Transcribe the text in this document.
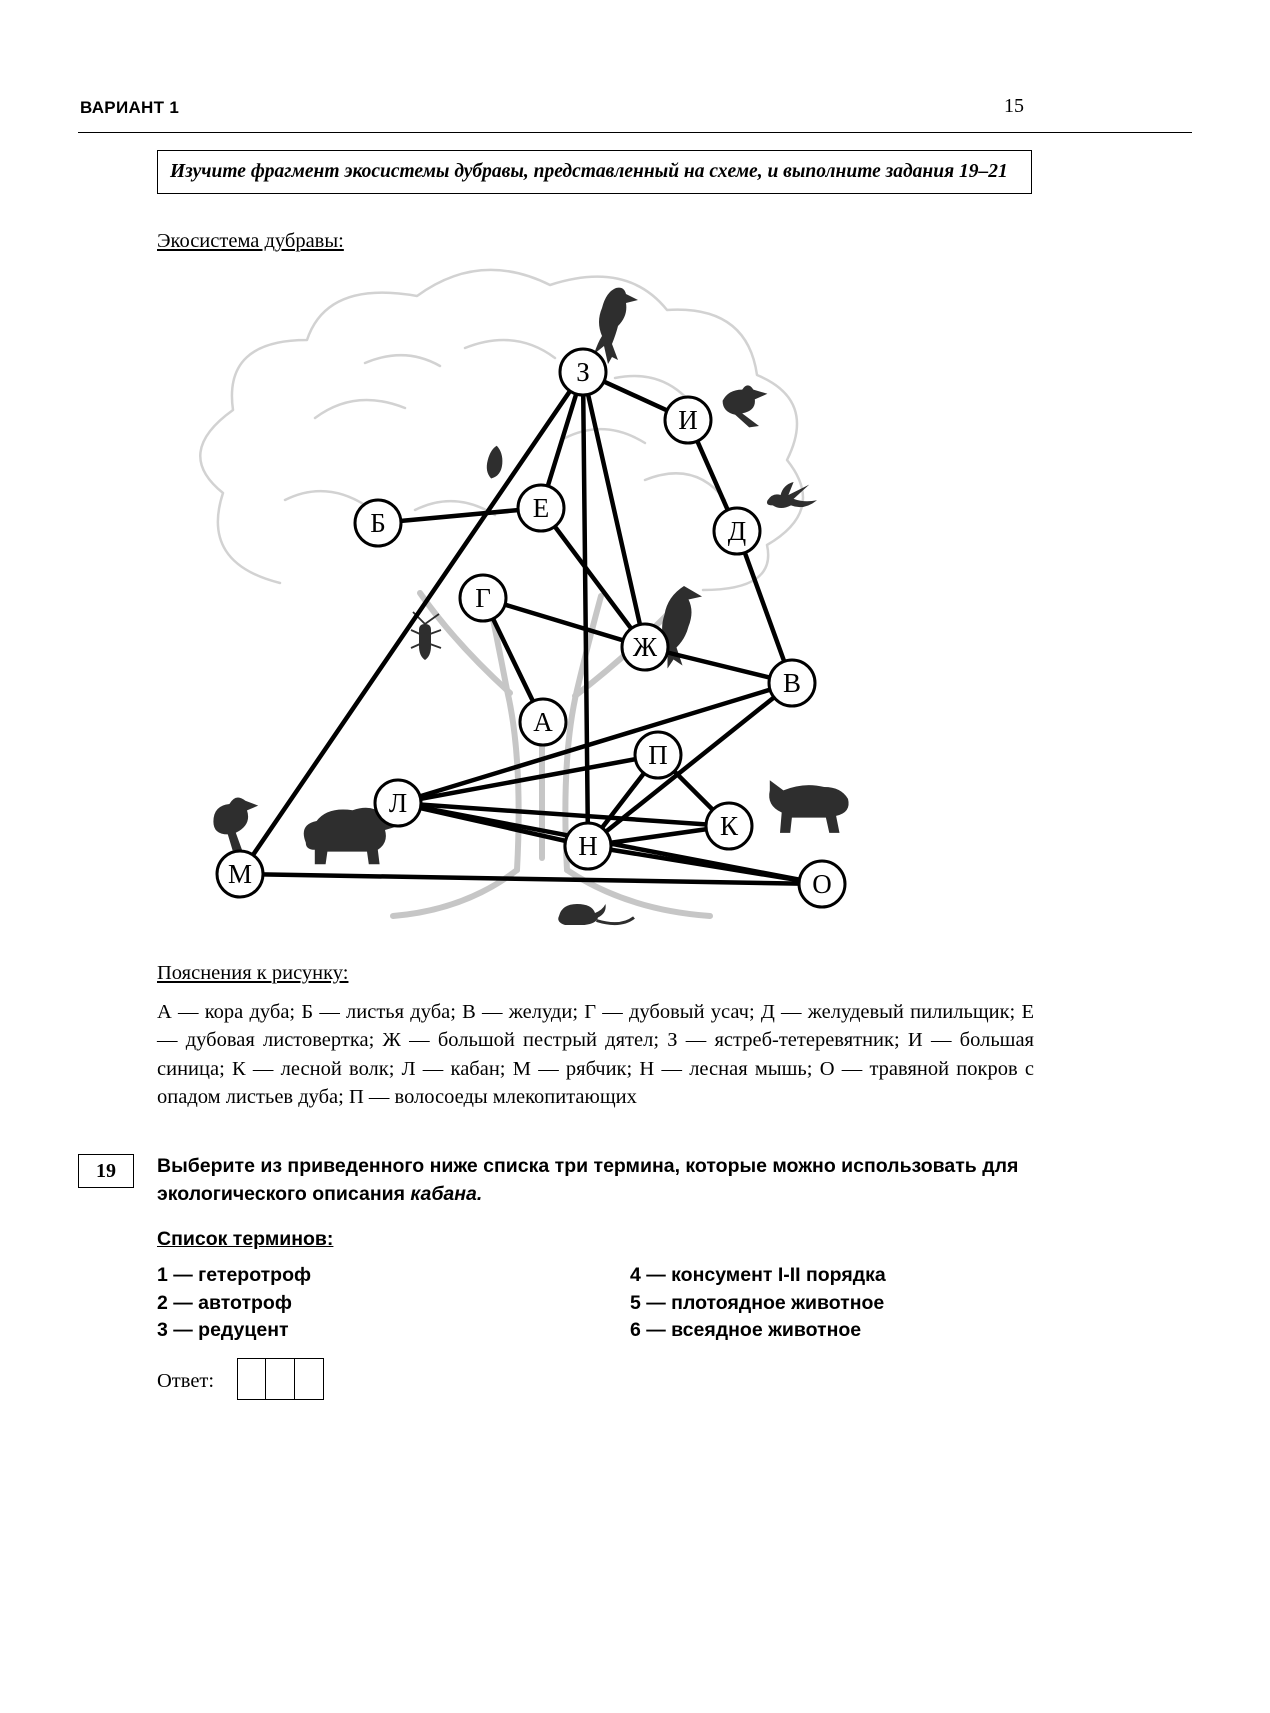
ВАРИАНТ 1	15
Изучите фрагмент экосистемы дубравы, представленный на схеме, и выполните задания 19–21
Экосистема дубравы:
З
И
Б	Е
Д
Г
Ж
В
А
П
Л
К
Н
М	О
Пояснения к рисунку:
А — кора дуба; Б — листья дуба; В — желуди; Г — дубовый усач; Д — желудевый пилильщик; Е — дубовая листовертка; Ж — большой пестрый дятел; З — ястреб-тетеревятник; И — большая синица; К — лесной волк; Л — кабан; М — рябчик; Н — лесная мышь; О — травяной покров с опадом листьев дуба; П — волосоеды млекопитающих
19	Выберите из приведенного ниже списка три термина, которые можно использовать для экологического описания кабана.
Список терминов:
1 — гетеротроф
2 — автотроф
3 — редуцент
4 — консумент I-II порядка
5 — плотоядное животное
6 — всеядное животное
Ответ:
